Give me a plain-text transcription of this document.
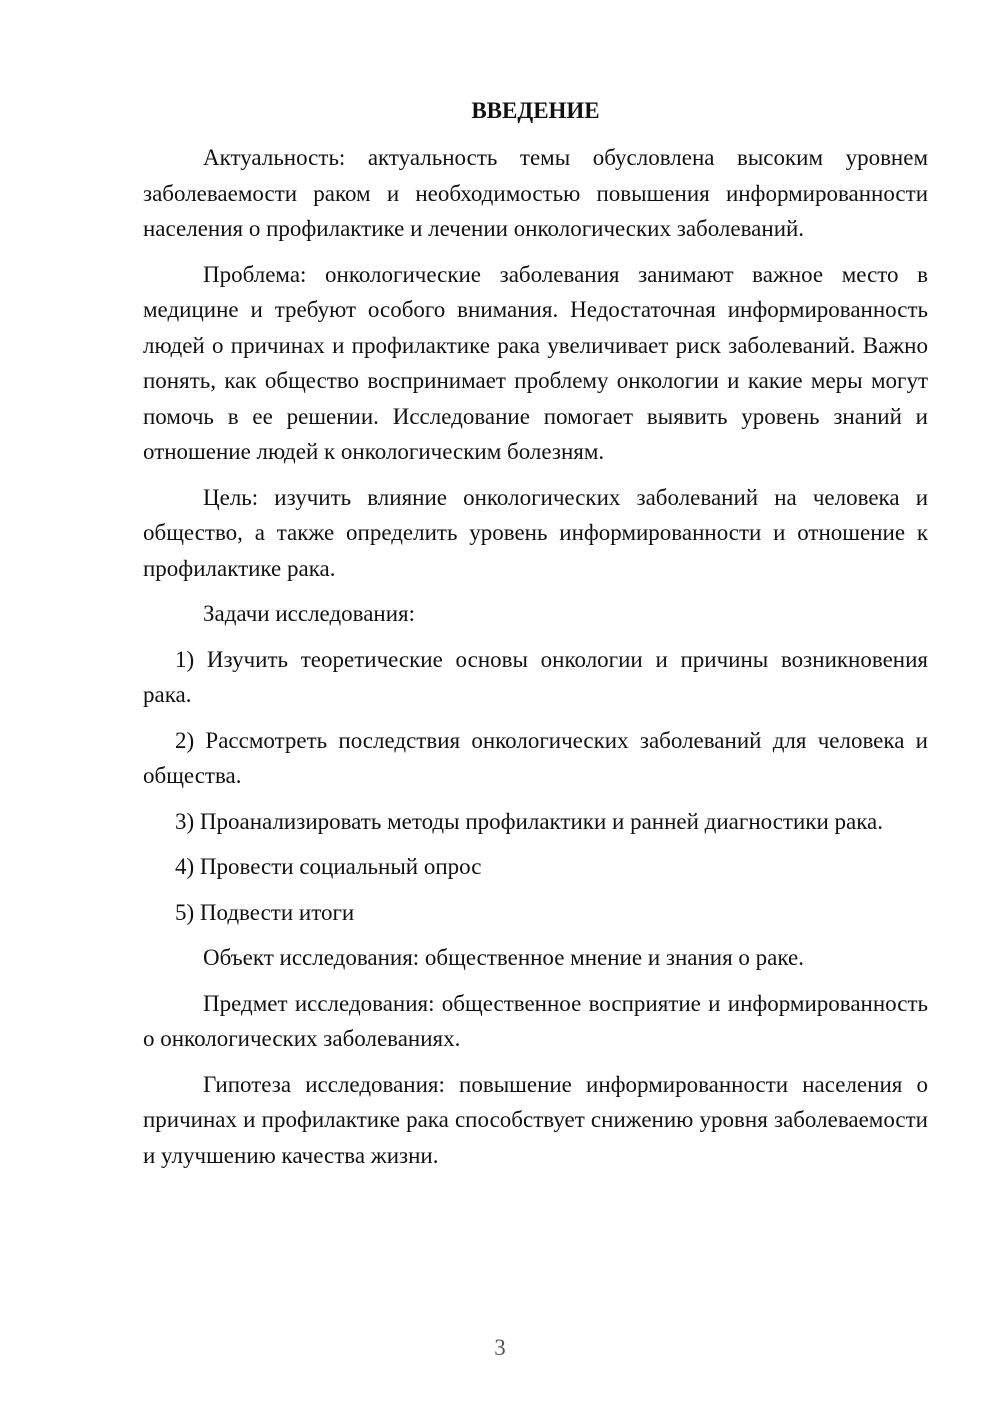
ВВЕДЕНИЕ

Актуальность: актуальность темы обусловлена высоким уровнем заболеваемости раком и необходимостью повышения информированности населения о профилактике и лечении онкологических заболеваний.

Проблема: онкологические заболевания занимают важное место в медицине и требуют особого внимания. Недостаточная информированность людей о причинах и профилактике рака увеличивает риск заболеваний. Важно понять, как общество воспринимает проблему онкологии и какие меры могут помочь в ее решении. Исследование помогает выявить уровень знаний и отношение людей к онкологическим болезням.

Цель: изучить влияние онкологических заболеваний на человека и общество, а также определить уровень информированности и отношение к профилактике рака.

Задачи исследования:

1) Изучить теоретические основы онкологии и причины возникновения рака.

2) Рассмотреть последствия онкологических заболеваний для человека и общества.

3) Проанализировать методы профилактики и ранней диагностики рака.

4) Провести социальный опрос

5) Подвести итоги

Объект исследования: общественное мнение и знания о раке.

Предмет исследования: общественное восприятие и информированность о онкологических заболеваниях.

Гипотеза исследования: повышение информированности населения о причинах и профилактике рака способствует снижению уровня заболеваемости и улучшению качества жизни.

3
